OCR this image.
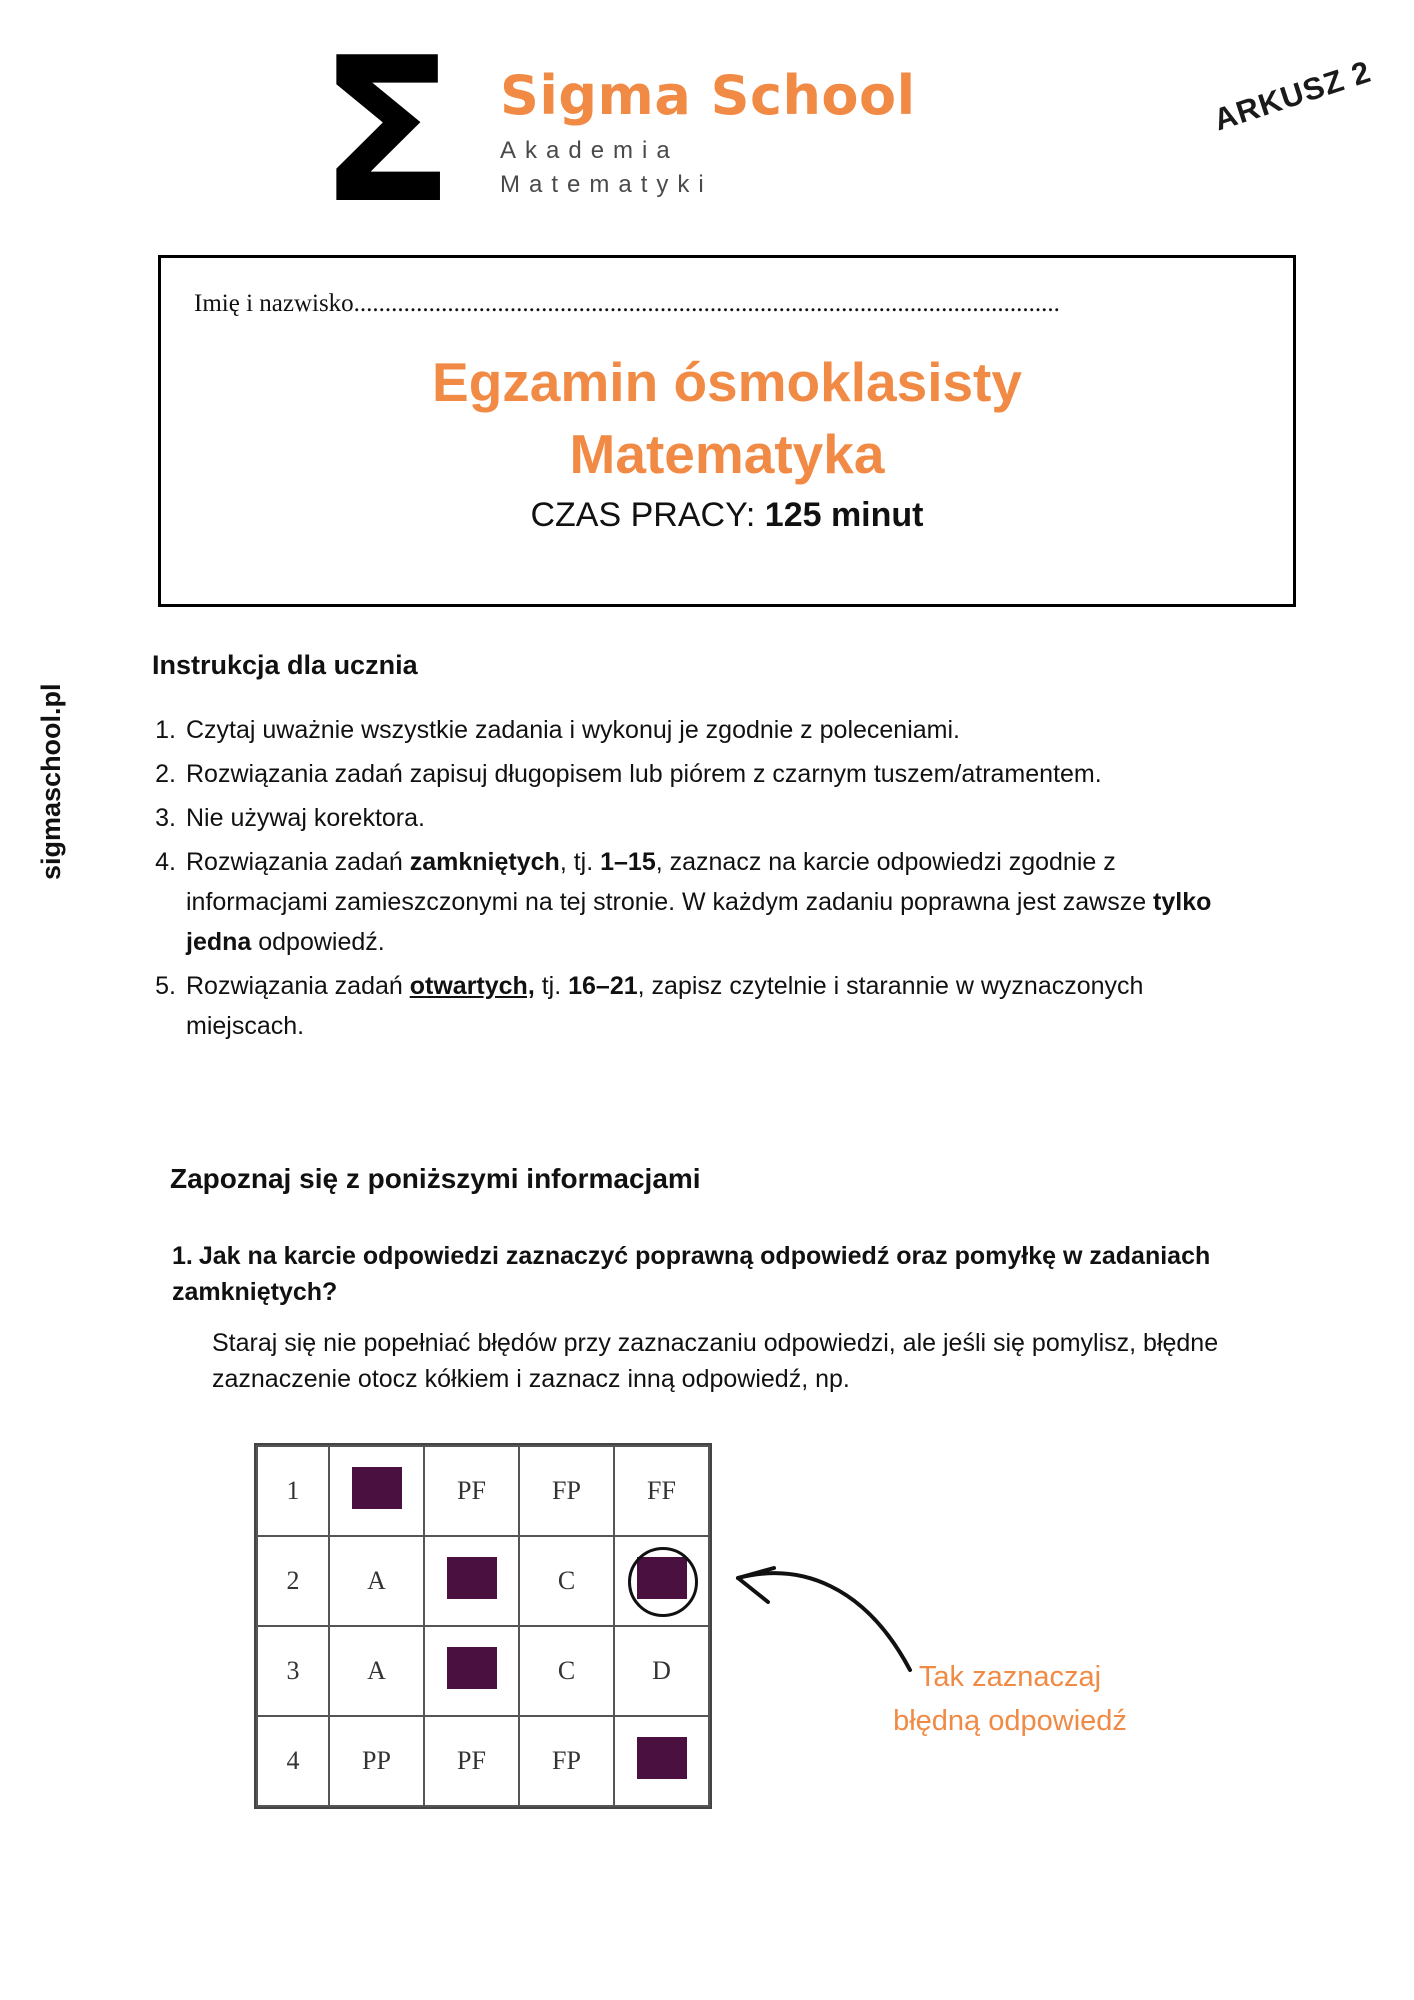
Σ Sigma School
Akademia
Matematyki
ARKUSZ 2
sigmaschool.pl
Imię i nazwisko.................................................................................................................
Egzamin ósmoklasisty
Matematyka
CZAS PRACY: 125 minut
Instrukcja dla ucznia
1. Czytaj uważnie wszystkie zadania i wykonuj je zgodnie z poleceniami.
2. Rozwiązania zadań zapisuj długopisem lub piórem z czarnym tuszem/atramentem.
3. Nie używaj korektora.
4. Rozwiązania zadań zamkniętych, tj. 1–15, zaznacz na karcie odpowiedzi zgodnie z informacjami zamieszczonymi na tej stronie. W każdym zadaniu poprawna jest zawsze tylko jedna odpowiedź.
5. Rozwiązania zadań otwartych, tj. 16–21, zapisz czytelnie i starannie w wyznaczonych miejscach.
Zapoznaj się z poniższymi informacjami
1. Jak na karcie odpowiedzi zaznaczyć poprawną odpowiedź oraz pomyłkę w zadaniach zamkniętych?
Staraj się nie popełniać błędów przy zaznaczaniu odpowiedzi, ale jeśli się pomylisz, błędne zaznaczenie otocz kółkiem i zaznacz inną odpowiedź, np.
1		PF	FP	FF
2	A		C	
3	A		C	D
4	PP	PF	FP	
Tak zaznaczaj
błędną odpowiedź
